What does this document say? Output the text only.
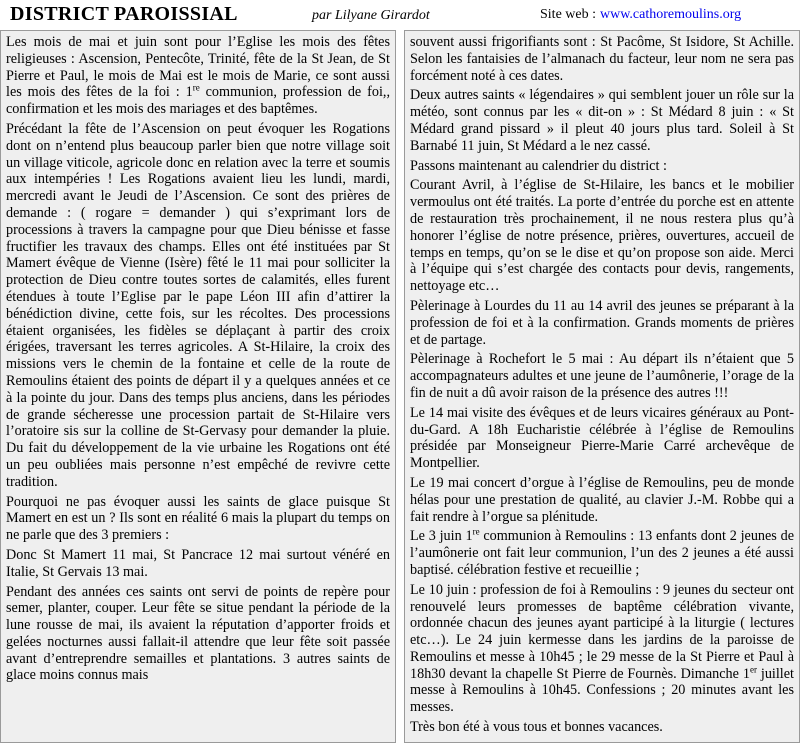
DISTRICT PAROISSIAL	par Lilyane Girardot	Site web : www.cathoremoulins.org

Les mois de mai et juin sont pour l’Eglise les mois des fêtes religieuses : Ascension, Pentecôte, Trinité, fête de la St Jean, de St Pierre et Paul, le mois de Mai est le mois de Marie, ce sont aussi les mois des fêtes de la foi : 1re communion, profession de foi,, confirmation et les mois des mariages et des baptêmes.

Précédant la fête de l’Ascension on peut évoquer les Rogations dont on n’entend plus beaucoup parler bien que notre village soit un village viticole, agricole donc en relation avec la terre et soumis aux intempéries ! Les Rogations avaient lieu les lundi, mardi, mercredi avant le Jeudi de l’Ascension. Ce sont des prières de demande : ( rogare = demander ) qui s’exprimant lors de processions à travers la campagne pour que Dieu bénisse et fasse fructifier les travaux des champs. Elles ont été instituées par St Mamert évêque de Vienne (Isère) fêté le 11 mai pour solliciter la protection de Dieu contre toutes sortes de calamités, elles furent étendues à toute l’Eglise par le pape Léon III afin d’attirer la bénédiction divine, cette fois, sur les récoltes. Des processions étaient organisées, les fidèles se déplaçant à partir des croix érigées, traversant les terres agricoles. A St-Hilaire, la croix des missions vers le chemin de la fontaine et celle de la route de Remoulins étaient des points de départ il y a quelques années et ce à la pointe du jour. Dans des temps plus anciens, dans les périodes de grande sécheresse une procession partait de St-Hilaire vers l’oratoire sis sur la colline de St-Gervasy pour demander la pluie. Du fait du développement de la vie urbaine les Rogations ont été un peu oubliées mais personne n’est empêché de revivre cette tradition.

Pourquoi ne pas évoquer aussi les saints de glace puisque St Mamert en est un ? Ils sont en réalité 6 mais la plupart du temps on ne parle que des 3 premiers :

Donc St Mamert 11 mai, St Pancrace 12 mai surtout vénéré en Italie, St Gervais 13 mai.

Pendant des années ces saints ont servi de points de repère pour semer, planter, couper. Leur fête se situe pendant la période de la lune rousse de mai, ils avaient la réputation d’apporter froids et gelées nocturnes aussi fallait-il attendre que leur fête soit passée avant d’entreprendre semailles et plantations. 3 autres saints de glace moins connus mais

souvent aussi frigorifiants sont : St Pacôme, St Isidore, St Achille. Selon les fantaisies de l’almanach du facteur, leur nom ne sera pas forcément noté à ces dates.

Deux autres saints « légendaires » qui semblent jouer un rôle sur la météo, sont connus par les « dit-on » : St Médard 8 juin : « St Médard grand pissard » il pleut 40 jours plus tard. Soleil à St Barnabé 11 juin, St Médard a le nez cassé.

Passons maintenant au calendrier du district :

Courant Avril, à l’église de St-Hilaire, les bancs et le mobilier vermoulus ont été traités. La porte d’entrée du porche est en attente de restauration très prochainement, il ne nous restera plus qu’à honorer l’église de notre présence, prières, ouvertures, accueil de temps en temps, qu’on se le dise et qu’on propose son aide. Merci à l’équipe qui s’est chargée des contacts pour devis, rangements, nettoyage etc…

Pèlerinage à Lourdes du 11 au 14 avril des jeunes se préparant à la profession de foi et à la confirmation. Grands moments de prières et de partage.

Pèlerinage à Rochefort le 5 mai : Au départ ils n’étaient que 5 accompagnateurs adultes et une jeune de l’aumônerie, l’orage de la fin de nuit a dû avoir raison de la présence des autres !!!

Le 14 mai visite des évêques et de leurs vicaires généraux au Pont-du-Gard. A 18h Eucharistie célébrée à l’église de Remoulins présidée par Monseigneur Pierre-Marie Carré archevêque de Montpellier.

Le 19 mai concert d’orgue à l’église de Remoulins, peu de monde hélas pour une prestation de qualité, au clavier J.-M. Robbe qui a fait rendre à l’orgue sa plénitude.

Le 3 juin 1re communion à Remoulins : 13 enfants dont 2 jeunes de l’aumônerie ont fait leur communion, l’un des 2 jeunes a été aussi baptisé. célébration festive et recueillie ;

Le 10 juin : profession de foi à Remoulins : 9 jeunes du secteur ont renouvelé leurs promesses de baptême célébration vivante, ordonnée chacun des jeunes ayant participé à la liturgie ( lectures etc…). Le 24 juin kermesse dans les jardins de la paroisse de Remoulins et messe à 10h45 ; le 29 messe de la St Pierre et Paul à 18h30 devant la chapelle St Pierre de Fournès. Dimanche 1er juillet messe à Remoulins à 10h45. Confessions ; 20 minutes avant les messes.

Très bon été à vous tous et bonnes vacances.
